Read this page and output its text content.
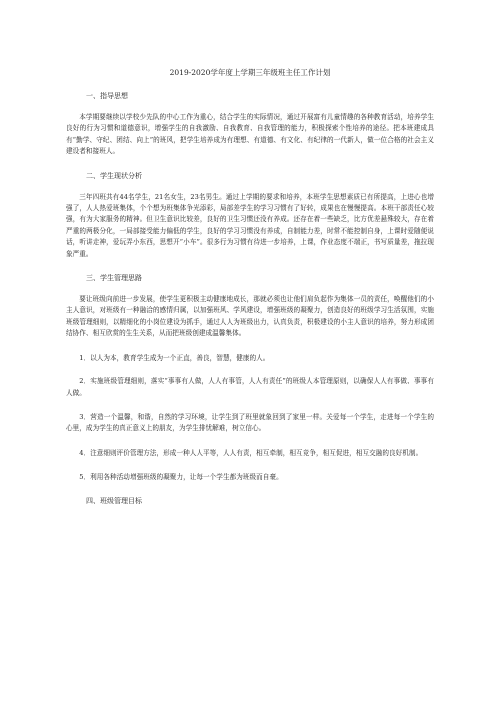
2019-2020学年度上学期三年级班主任工作计划
一、指导思想

本学期要继续以学校少先队的中心工作为重心，结合学生的实际情况，通过开展富有儿童情趣的各种教育活动，培养学生良好的行为习惯和道德意识，增强学生的自我激励、自我教育、自我管理的能力，积极探索个性培养的途径。把本班建成具有“勤学、守纪、团结、向上”的班风，把学生培养成为有理想、有道德、有文化、有纪律的一代新人，做一位合格的社会主义建设者和接班人。

二、学生现状分析

三年四班共有44名学生，21名女生，23名男生。通过上学期的要求和培养，本班学生思想素质已有所提高，上进心也增强了，人人热爱班集体，个个想为班集体争光添彩，局部差学生的学习习惯有了好转，成果也在慢慢提高。本班干部责任心较强，有为大家服务的精神。但卫生意识比较差，良好的卫生习惯还没有养成。还存在着一些缺乏，比方优差悬殊较大，存在着严重的两极分化，一局部接受能力偏低的学生，良好的学习习惯没有养成，自制能力差，时常不能控制自身，上课时爱随便说话，听讲走神，爱玩弄小东西，思想开“小车”。很多行为习惯有待进一步培养，上课，作业态度不端正，书写质量差，拖拉现象严重。

三、学生管理思路

要让班级向前进一步发展，使学生更积极主动健康地成长，那就必须也让他们肩负起作为集体一员的责任，唤醒他们的小主人意识，对班级有一种融洽的感情归属，以加强班风、学风建设，增强班级的凝聚力，创造良好的班级学习生活氛围，实施班级管理细则，以精细化的小岗位建设为抓手，通过人人为班级出力，认真负责，积极建设的小主人意识的培养，努力形成团结协作、相互欣赏的生生关系，从而把班级创建成温馨集体。

1．以人为本，教育学生成为一个正直，善良，智慧，健康的人。

2．实施班级管理细则，落实“事事有人做，人人有事管，人人有责任”的班级人本管理原则，以确保人人有事做、事事有人做。

3．营造一个温馨，和谐，自然的学习环境，让学生到了班里就象回到了家里一样。关爱每一个学生，走进每一个学生的心里，成为学生的真正意义上的朋友，为学生排忧解难，树立信心。

4．注意细则评价管理方法，形成一种人人平等，人人有责，相互牵制，相互竞争，相互促进，相互交融的良好机制。

5．利用各种活动增强班级的凝聚力，让每一个学生都为班级而自豪。

四、班级管理目标
